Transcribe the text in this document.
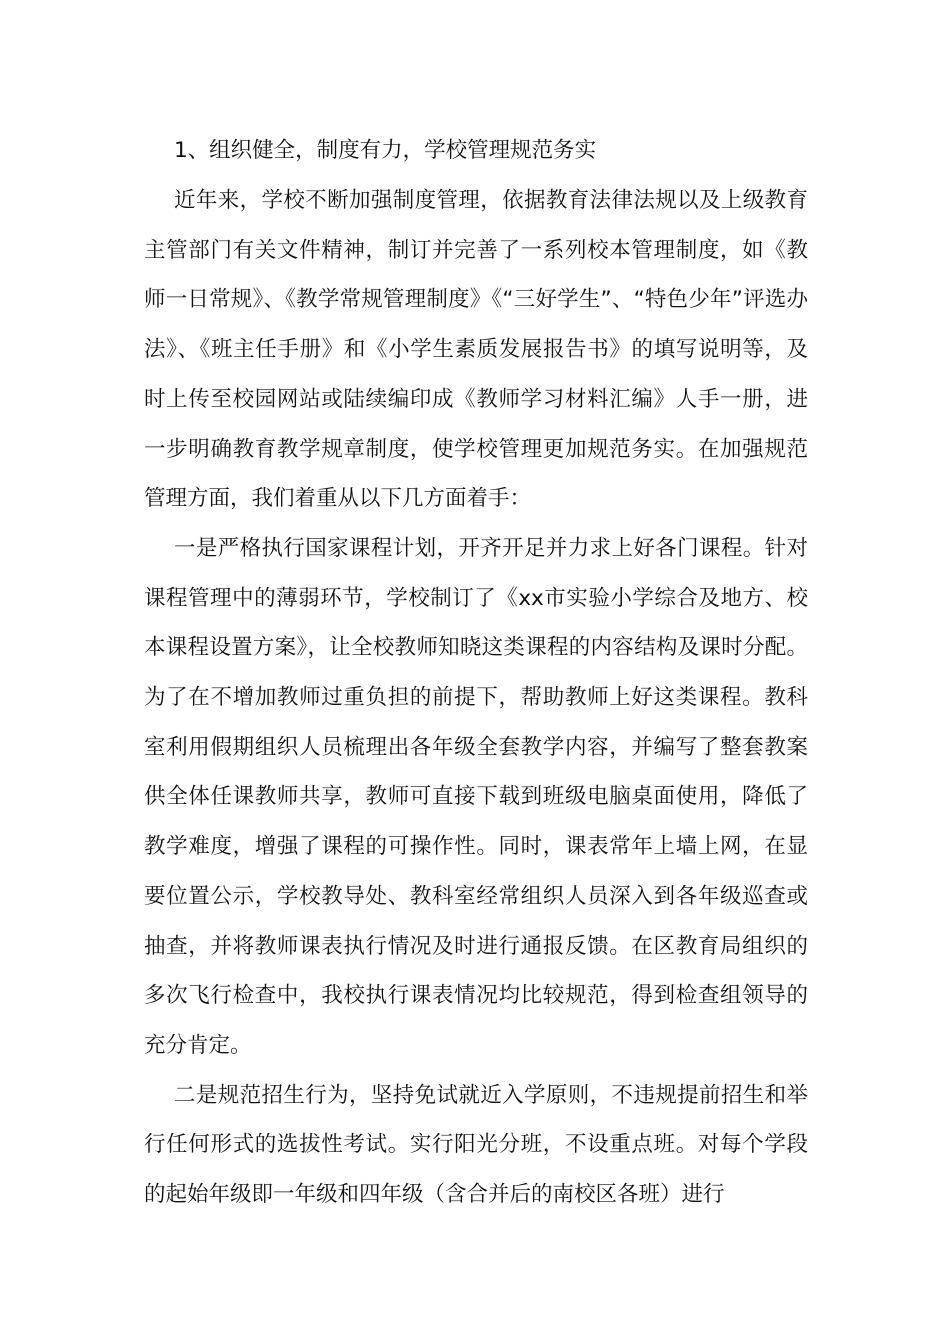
1、组织健全，制度有力，学校管理规范务实

近年来，学校不断加强制度管理，依据教育法律法规以及上级教育主管部门有关文件精神，制订并完善了一系列校本管理制度，如《教师一日常规》、《教学常规管理制度》《“三好学生”、“特色少年”评选办法》、《班主任手册》和《小学生素质发展报告书》的填写说明等，及时上传至校园网站或陆续编印成《教师学习材料汇编》人手一册，进一步明确教育教学规章制度，使学校管理更加规范务实。在加强规范管理方面，我们着重从以下几方面着手：

一是严格执行国家课程计划，开齐开足并力求上好各门课程。针对课程管理中的薄弱环节，学校制订了《xx市实验小学综合及地方、校本课程设置方案》，让全校教师知晓这类课程的内容结构及课时分配。为了在不增加教师过重负担的前提下，帮助教师上好这类课程。教科室利用假期组织人员梳理出各年级全套教学内容，并编写了整套教案供全体任课教师共享，教师可直接下载到班级电脑桌面使用，降低了教学难度，增强了课程的可操作性。同时，课表常年上墙上网，在显要位置公示，学校教导处、教科室经常组织人员深入到各年级巡查或抽查，并将教师课表执行情况及时进行通报反馈。在区教育局组织的多次飞行检查中，我校执行课表情况均比较规范，得到检查组领导的充分肯定。

二是规范招生行为，坚持免试就近入学原则，不违规提前招生和举行任何形式的选拔性考试。实行阳光分班，不设重点班。对每个学段的起始年级即一年级和四年级（含合并后的南校区各班）进行
